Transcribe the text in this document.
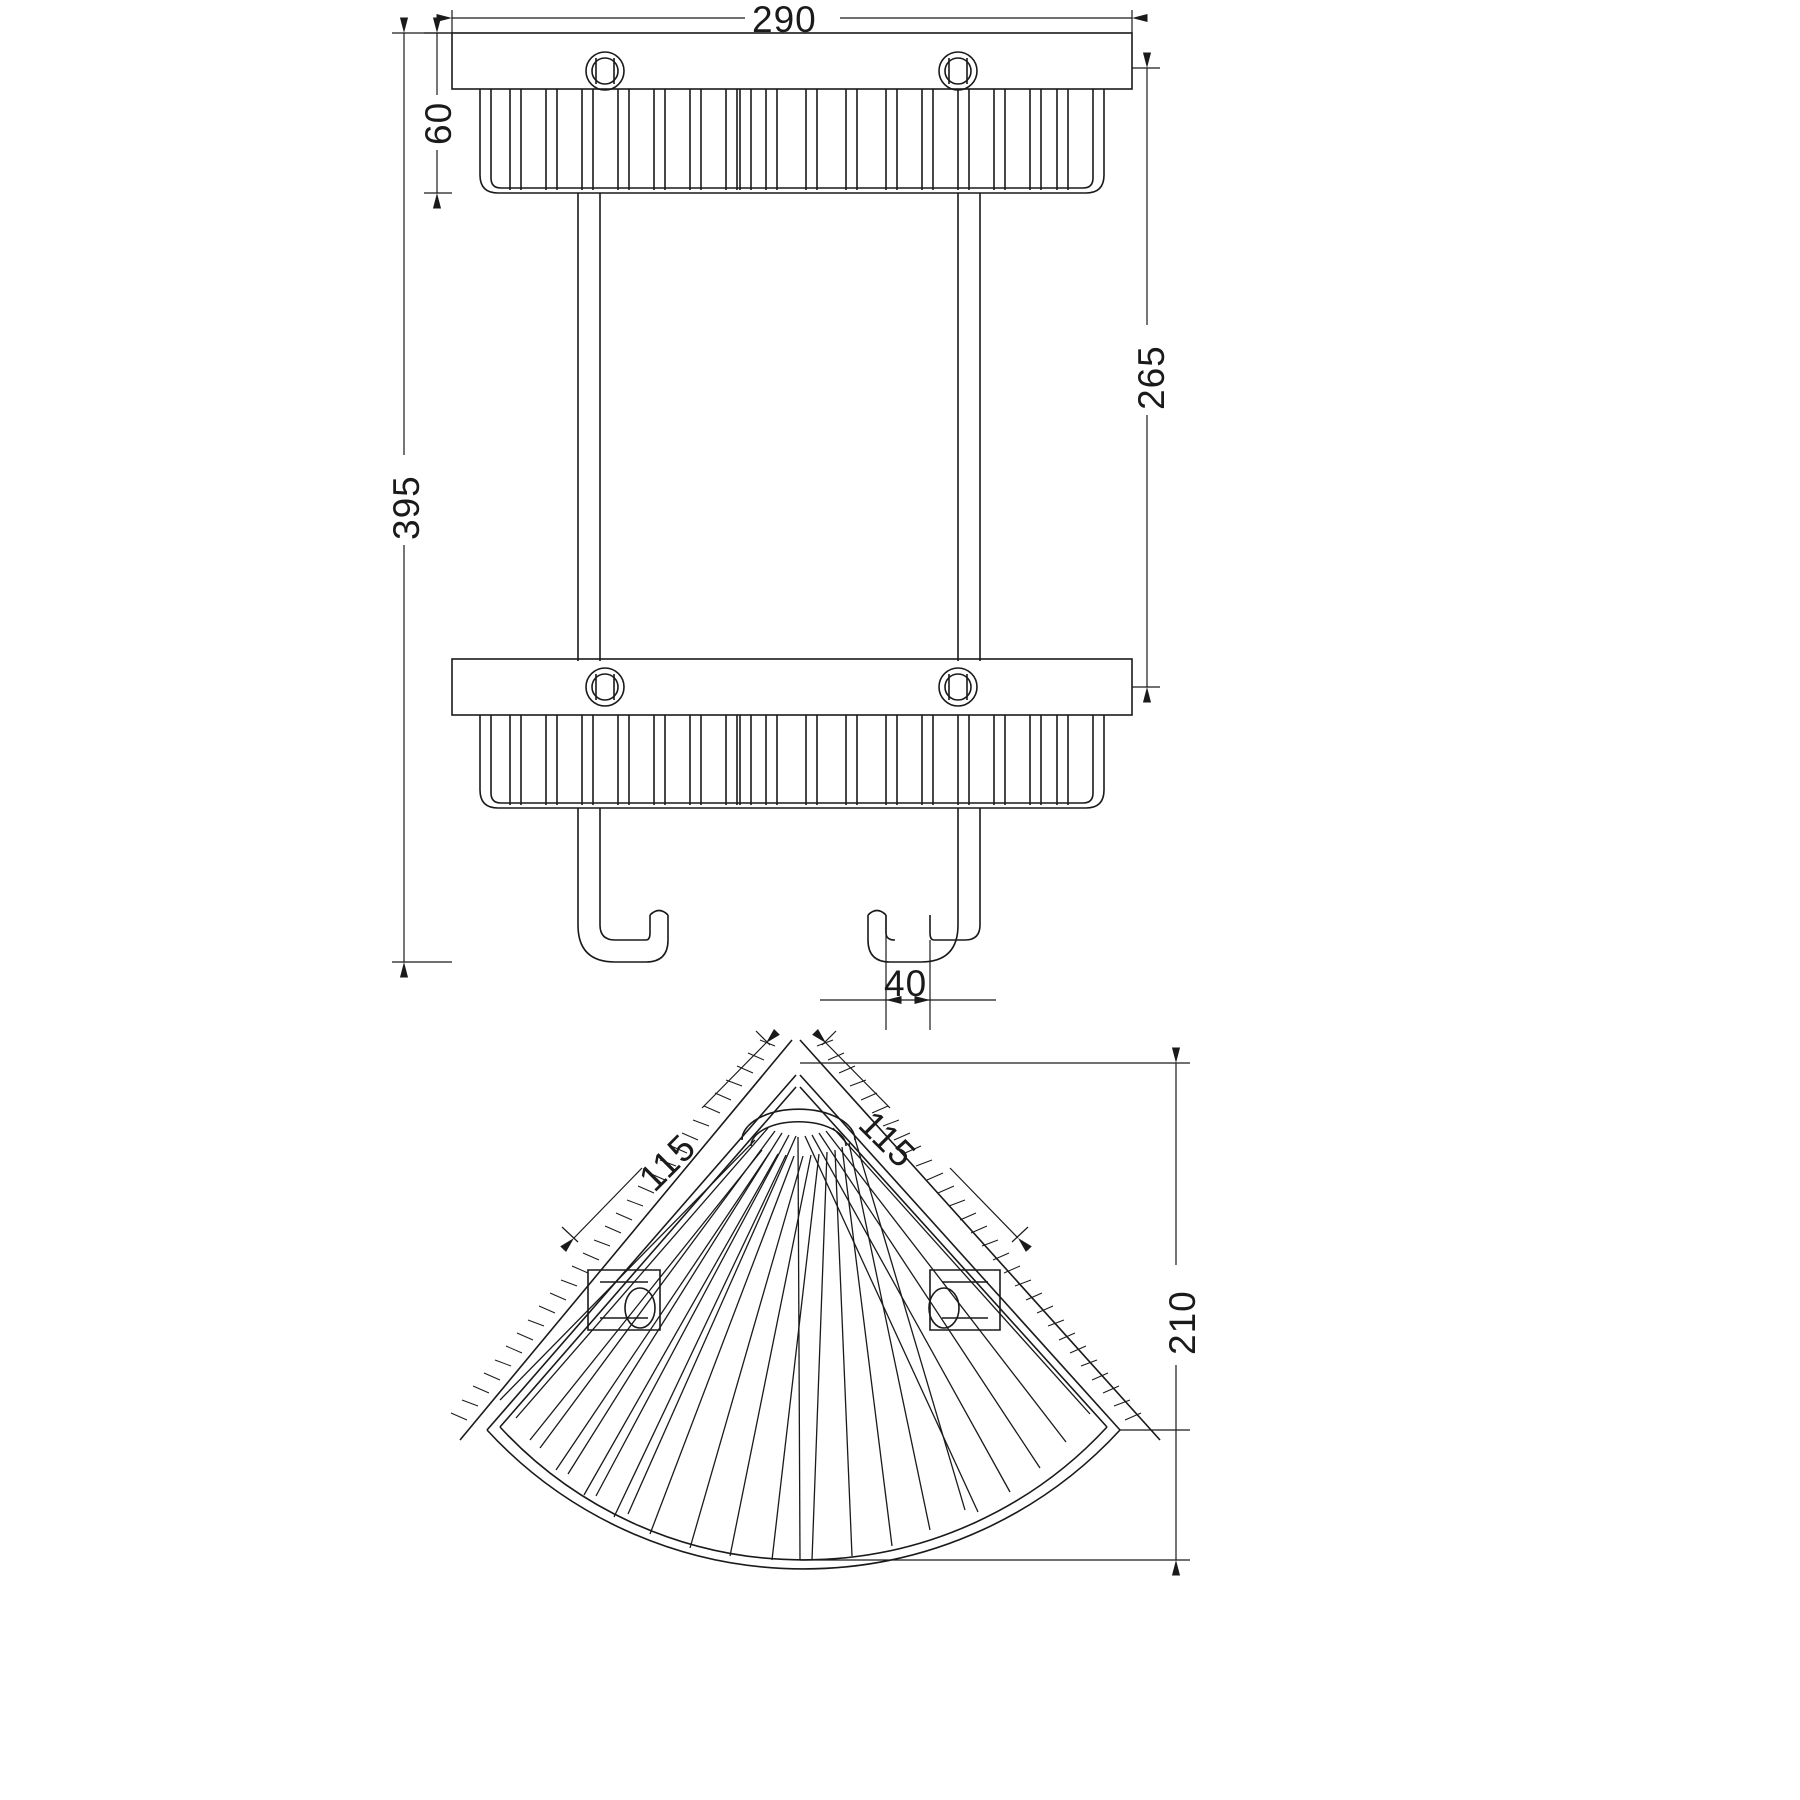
290
60
395
265
40
115	115
210
